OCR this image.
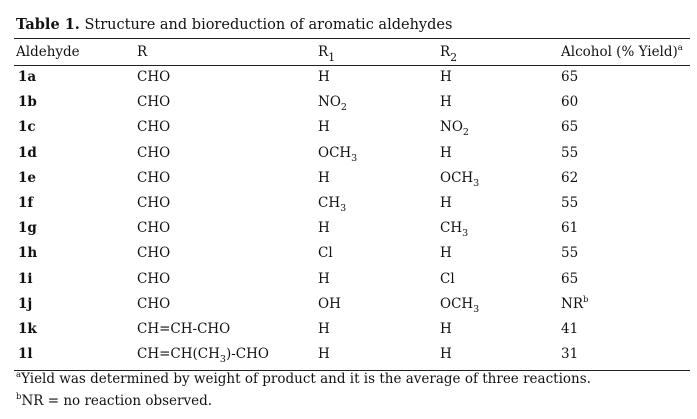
Table 1. Structure and bioreduction of aromatic aldehydes
Aldehyde	R	$R_1$	$R_2$	Alcohol (% Yield)$^a$
1a	CHO	H	H	65
1b	CHO	$NO_2$	H	60
1c	CHO	H	$NO_2$	65
1d	CHO	$OCH_3$	H	55
1e	CHO	H	$OCH_3$	62
1f	CHO	$CH_3$	H	55
1g	CHO	H	$CH_3$	61
1h	CHO	Cl	H	55
1i	CHO	H	Cl	65
1j	CHO	OH	$OCH_3$	$NR^b$
1k	CH=CH-CHO	H	H	41
1l	$CH=CH(CH_3)$-CHO	H	H	31
$^a$Yield was determined by weight of product and it is the average of three reactions.
$^b$NR = no reaction observed.
